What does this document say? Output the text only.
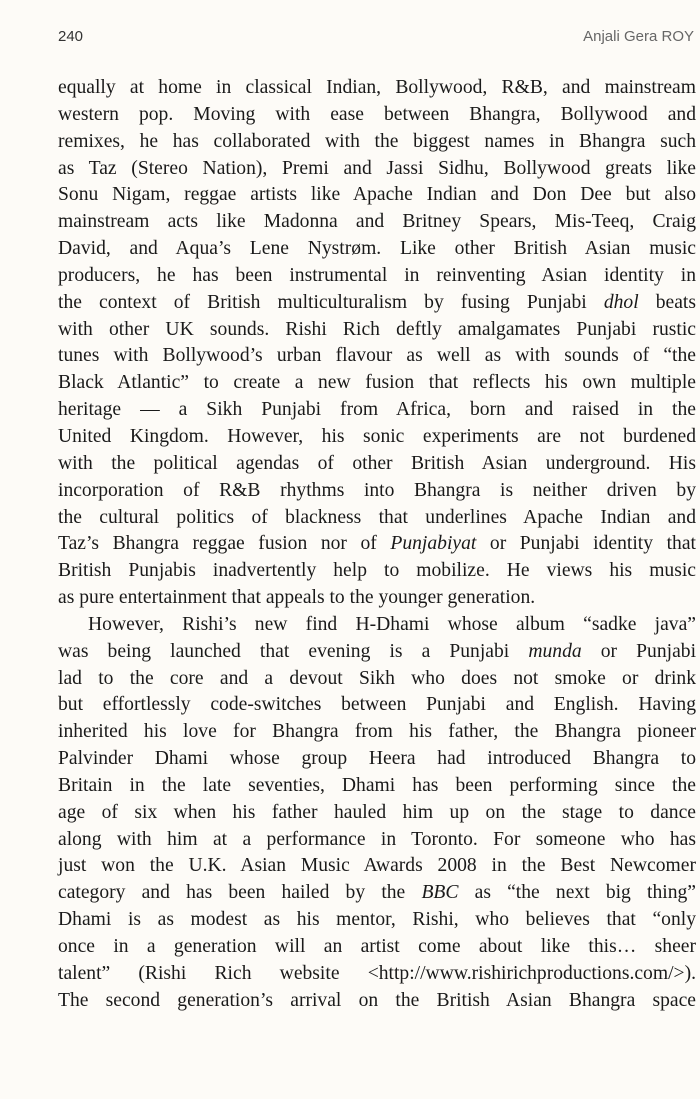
240	Anjali Gera ROY

equally at home in classical Indian, Bollywood, R&B, and mainstream
western pop. Moving with ease between Bhangra, Bollywood and
remixes, he has collaborated with the biggest names in Bhangra such
as Taz (Stereo Nation), Premi and Jassi Sidhu, Bollywood greats like
Sonu Nigam, reggae artists like Apache Indian and Don Dee but also
mainstream acts like Madonna and Britney Spears, Mis-Teeq, Craig
David, and Aqua’s Lene Nystrøm. Like other British Asian music
producers, he has been instrumental in reinventing Asian identity in
the context of British multiculturalism by fusing Punjabi dhol beats
with other UK sounds. Rishi Rich deftly amalgamates Punjabi rustic
tunes with Bollywood’s urban flavour as well as with sounds of “the
Black Atlantic” to create a new fusion that reflects his own multiple
heritage — a Sikh Punjabi from Africa, born and raised in the
United Kingdom. However, his sonic experiments are not burdened
with the political agendas of other British Asian underground. His
incorporation of R&B rhythms into Bhangra is neither driven by
the cultural politics of blackness that underlines Apache Indian and
Taz’s Bhangra reggae fusion nor of Punjabiyat or Punjabi identity that
British Punjabis inadvertently help to mobilize. He views his music
as pure entertainment that appeals to the younger generation.

However, Rishi’s new find H-Dhami whose album “sadke java”
was being launched that evening is a Punjabi munda or Punjabi
lad to the core and a devout Sikh who does not smoke or drink
but effortlessly code-switches between Punjabi and English. Having
inherited his love for Bhangra from his father, the Bhangra pioneer
Palvinder Dhami whose group Heera had introduced Bhangra to
Britain in the late seventies, Dhami has been performing since the
age of six when his father hauled him up on the stage to dance
along with him at a performance in Toronto. For someone who has
just won the U.K. Asian Music Awards 2008 in the Best Newcomer
category and has been hailed by the BBC as “the next big thing”
Dhami is as modest as his mentor, Rishi, who believes that “only
once in a generation will an artist come about like this… sheer
talent” (Rishi Rich website <http://www.rishirichproductions.com/>).
The second generation’s arrival on the British Asian Bhangra space
